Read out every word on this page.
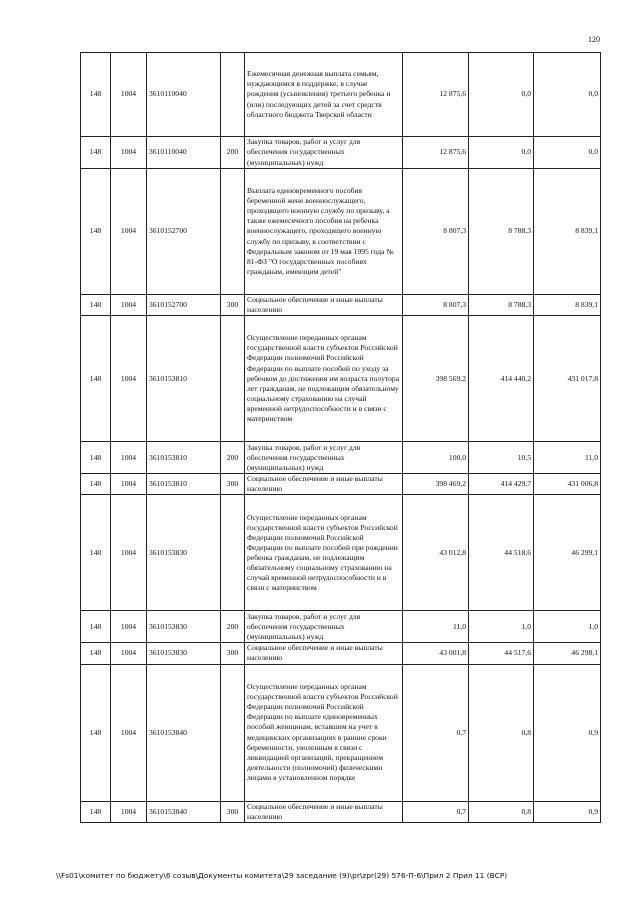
120
148	1004	3610110040		Ежемесячная денежная выплата семьям, нуждающимся в поддержке, в случае рождения (усыновления) третьего ребенка и (или) последующих детей за счет средств областного бюджета Тверской области	12 875,6	0,0	0,0
148	1004	3610110040	200	Закупка товаров, работ и услуг для обеспечения государственных (муниципальных) нужд	12 875,6	0,0	0,0
148	1004	3610152700		Выплата единовременного пособия беременной жене военнослужащего, проходящего военную службу по призыву, а также ежемесячного пособия на ребенка военнослужащего, проходящего военную службу по призыву, в соответствии с Федеральным законом от 19 мая 1995 года № 81-ФЗ "О государственных пособиях гражданам, имеющим детей"	8 807,3	8 788,3	8 839,1
148	1004	3610152700	300	Социальное обеспечение и иные выплаты населению	8 807,3	8 788,3	8 839,1
148	1004	3610153810		Осуществление переданных органам государственной власти субъектов Российской Федерации полномочий Российской Федерации по выплате пособий по уходу за ребенком до достижения им возраста полутора лет гражданам, не подлежащим обязательному социальному страхованию на случай временной нетрудоспособности и в связи с материнством	398 569,2	414 440,2	431 017,8
148	1004	3610153810	200	Закупка товаров, работ и услуг для обеспечения государственных (муниципальных) нужд	100,0	10,5	11,0
148	1004	3610153810	300	Социальное обеспечение и иные выплаты населению	398 469,2	414 429,7	431 006,8
148	1004	3610153830		Осуществление переданных органам государственной власти субъектов Российской Федерации полномочий Российской Федерации по выплате пособий при рождении ребенка гражданам, не подлежащим обязательному социальному страхованию на случай временной нетрудоспособности и в связи с материнством	43 012,8	44 518,6	46 299,1
148	1004	3610153830	200	Закупка товаров, работ и услуг для обеспечения государственных (муниципальных) нужд	11,0	1,0	1,0
148	1004	3610153830	300	Социальное обеспечение и иные выплаты населению	43 001,8	44 517,6	46 298,1
148	1004	3610153840		Осуществление переданных органам государственной власти субъектов Российской Федерации полномочий Российской Федерации по выплате единовременных пособий женщинам, вставшим на учет в медицинских организациях в ранние сроки беременности, уволенным в связи с ликвидацией организаций, прекращением деятельности (полномочий) физическими лицами в установленном порядке	0,7	0,8	0,9
148	1004	3610153840	300	Социальное обеспечение и иные выплаты населению	0,7	0,8	0,9
\\Fs01\комитет по бюджету\6 созыв\Документы комитета\29 заседание (9)\pr\zpr(29) 576-П-6\Прил 2 Прил 11 (ВСР)
